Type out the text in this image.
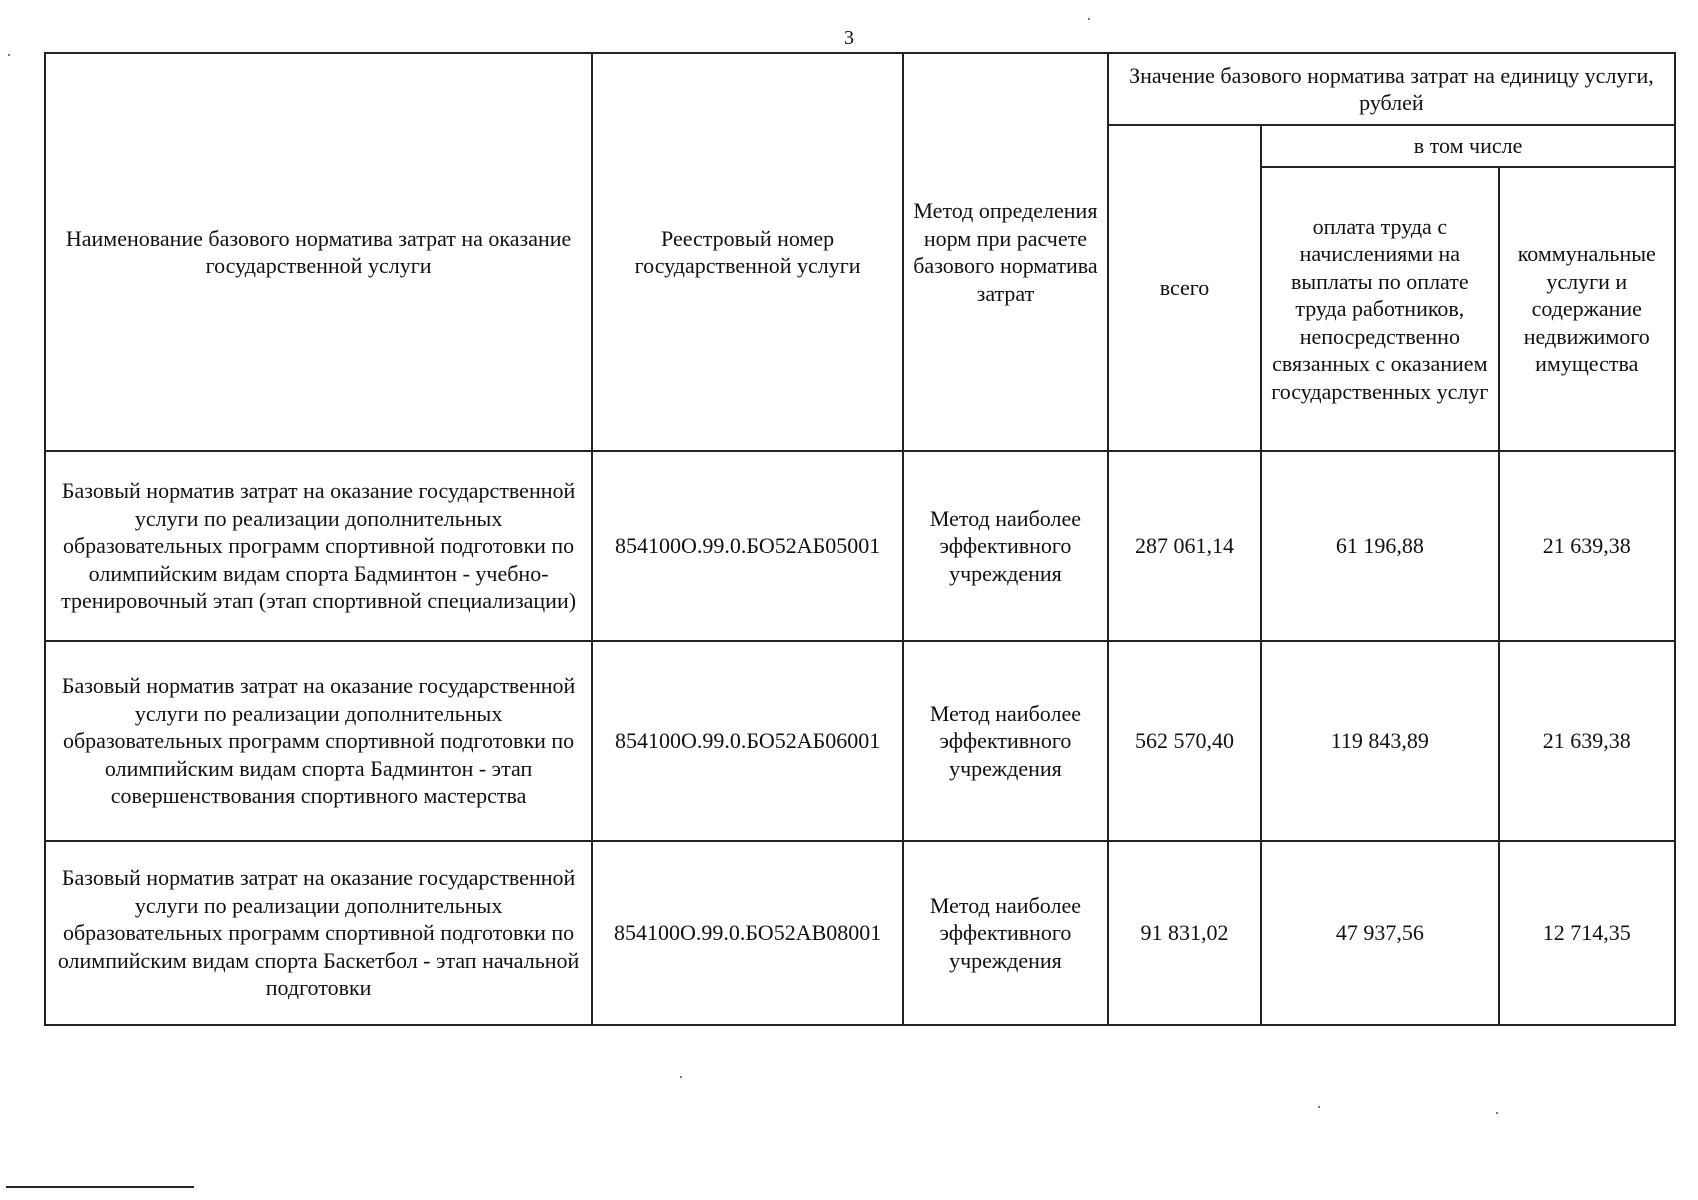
3
Наименование базового норматива затрат на оказание государственной услуги	Реестровый номер государственной услуги	Метод определения норм при расчете базового норматива затрат	Значение базового норматива затрат на единицу услуги, рублей		
			всего	в том числе	
				оплата труда с начислениями на выплаты по оплате труда работников, непосредственно связанных с оказанием государственных услуг	коммунальные услуги и содержание недвижимого имущества
Базовый норматив затрат на оказание государственной услуги по реализации дополнительных образовательных программ спортивной подготовки по олимпийским видам спорта Бадминтон - учебно-тренировочный этап (этап спортивной специализации)	854100О.99.0.БО52АБ05001	Метод наиболее эффективного учреждения	287 061,14	61 196,88	21 639,38
Базовый норматив затрат на оказание государственной услуги по реализации дополнительных образовательных программ спортивной подготовки по олимпийским видам спорта Бадминтон - этап совершенствования спортивного мастерства	854100О.99.0.БО52АБ06001	Метод наиболее эффективного учреждения	562 570,40	119 843,89	21 639,38
Базовый норматив затрат на оказание государственной услуги по реализации дополнительных образовательных программ спортивной подготовки по олимпийским видам спорта Баскетбол - этап начальной подготовки	854100О.99.0.БО52АВ08001	Метод наиболее эффективного учреждения	91 831,02	47 937,56	12 714,35
